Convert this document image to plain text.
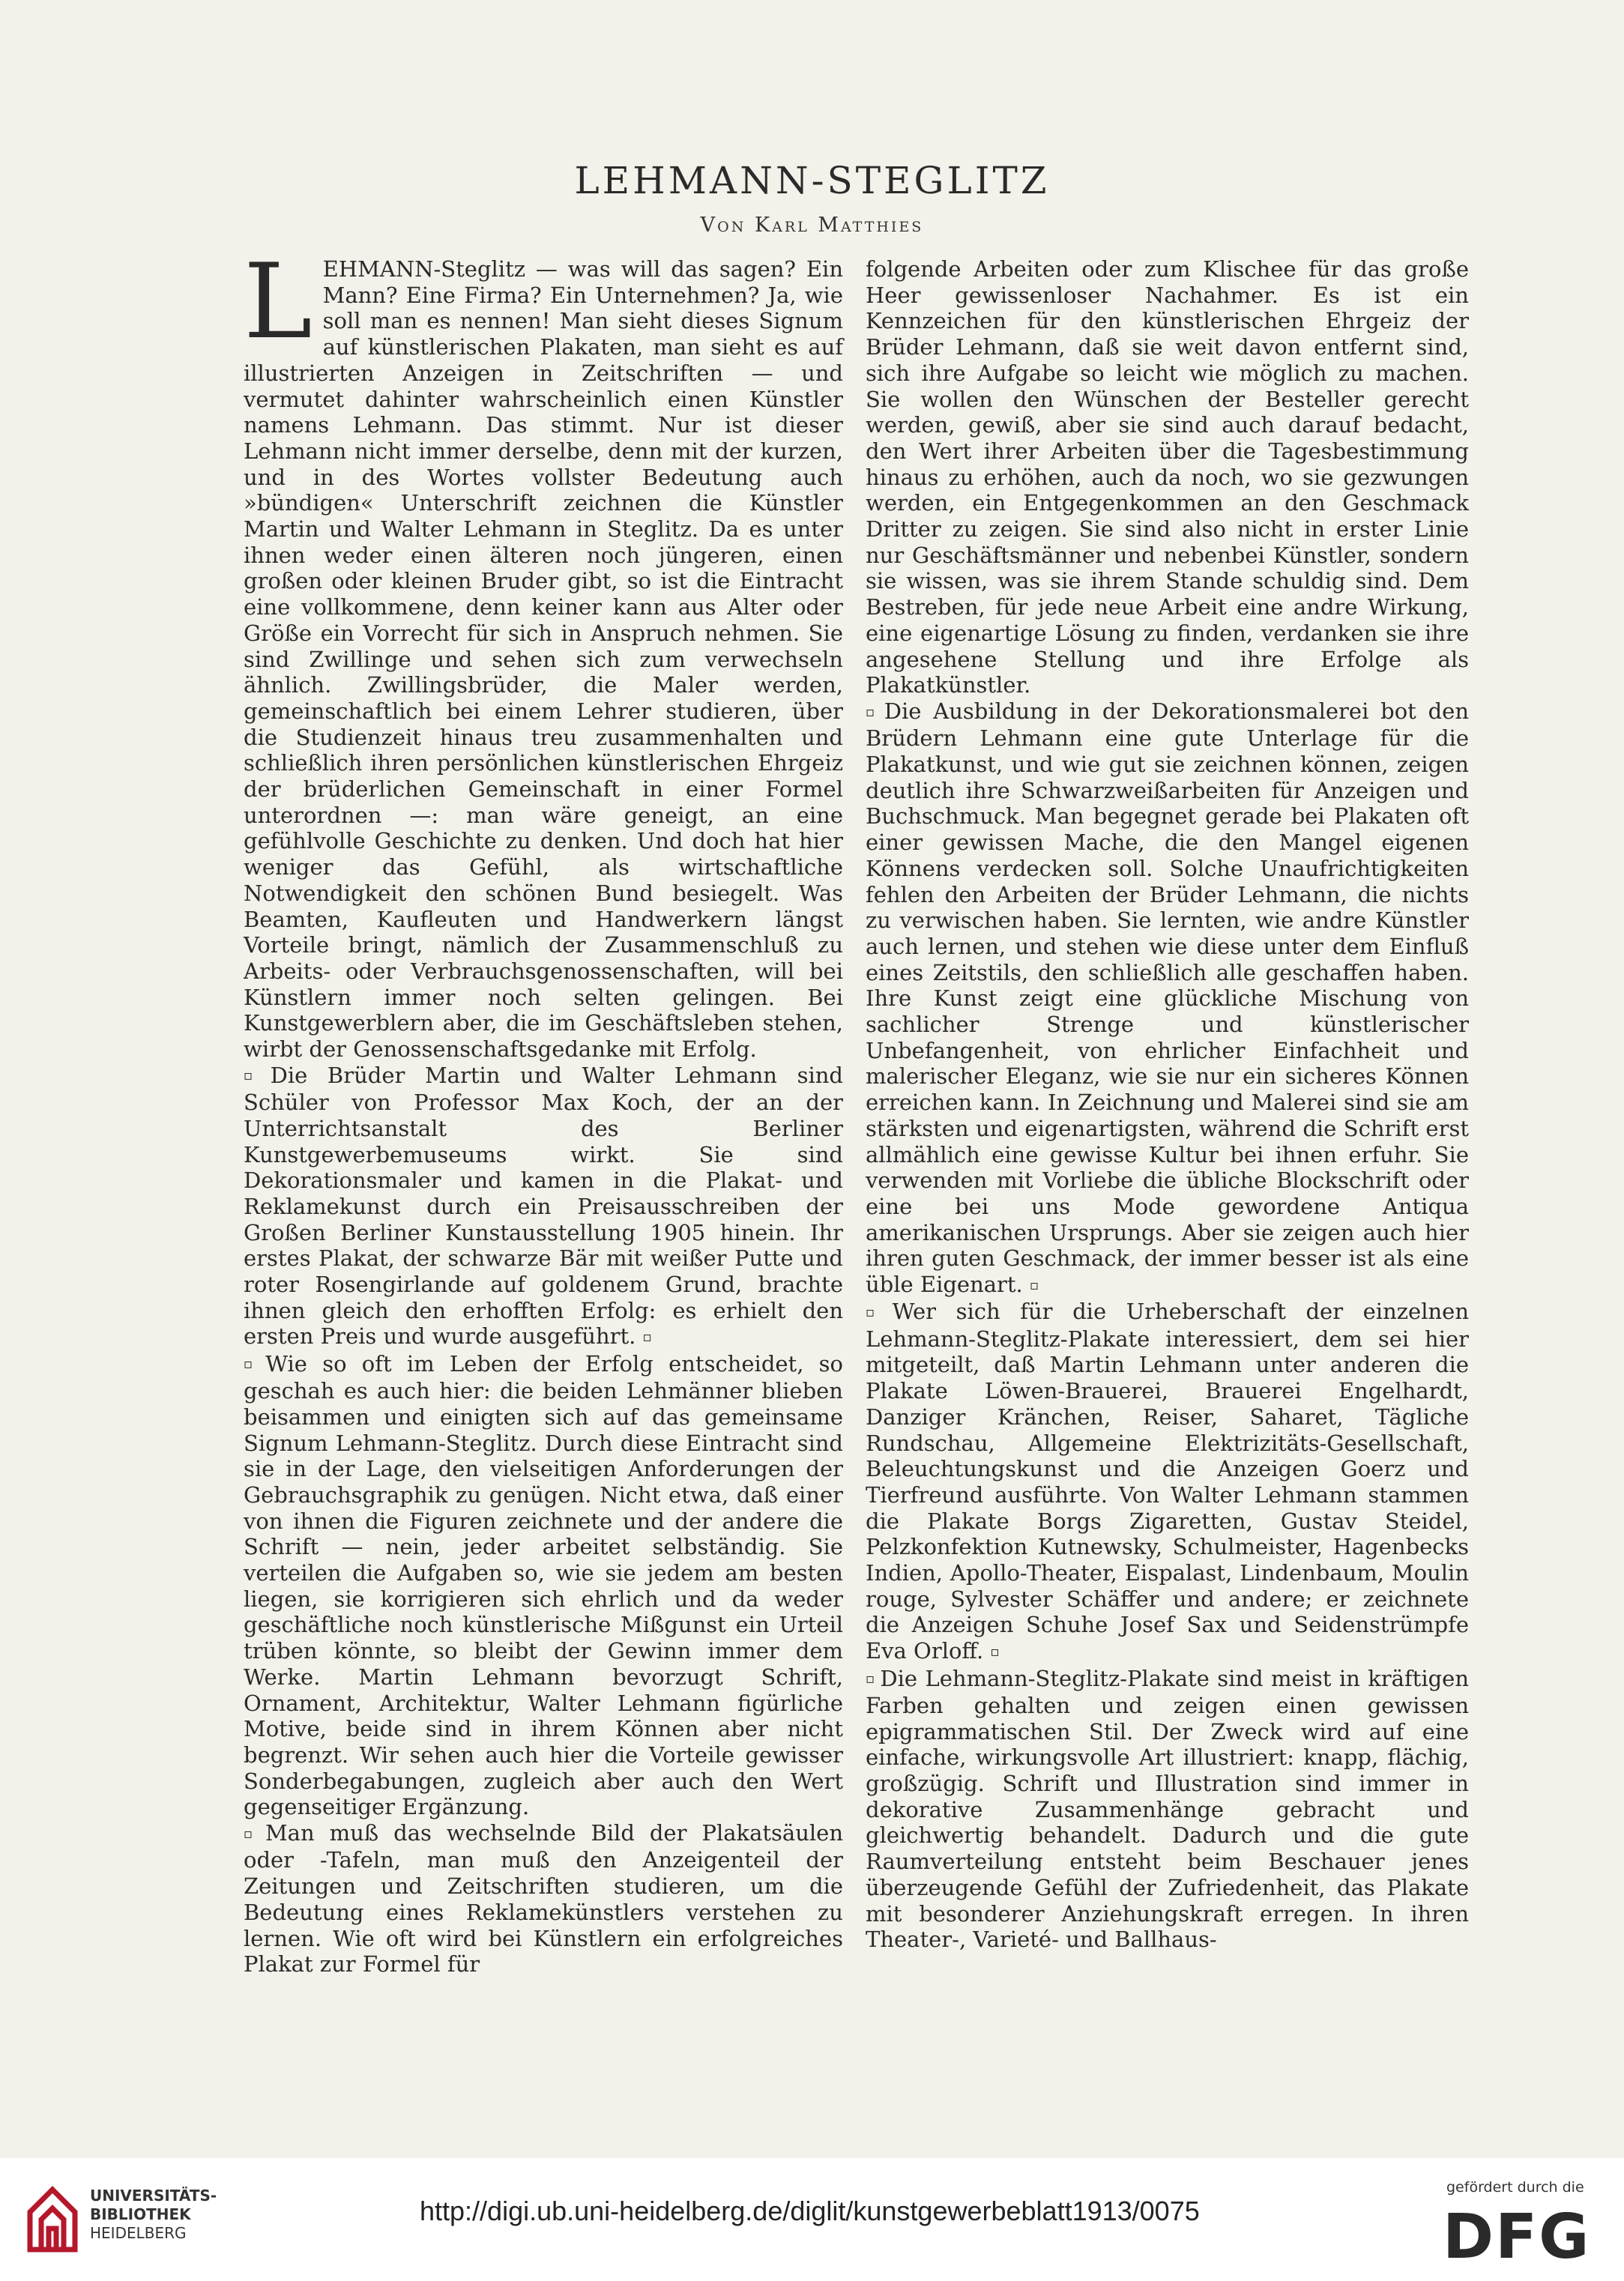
LEHMANN-STEGLITZ
Von Karl Matthies

LEHMANN-Steglitz — was will das sagen? Ein Mann? Eine Firma? Ein Unternehmen? Ja, wie soll man es nennen! Man sieht dieses Signum auf künstlerischen Plakaten, man sieht es auf illustrierten Anzeigen in Zeitschriften — und vermutet dahinter wahrscheinlich einen Künstler namens Lehmann. Das stimmt. Nur ist dieser Lehmann nicht immer derselbe, denn mit der kurzen, und in des Wortes vollster Bedeutung auch »bündigen« Unterschrift zeichnen die Künstler Martin und Walter Lehmann in Steglitz. Da es unter ihnen weder einen älteren noch jüngeren, einen großen oder kleinen Bruder gibt, so ist die Eintracht eine vollkommene, denn keiner kann aus Alter oder Größe ein Vorrecht für sich in Anspruch nehmen. Sie sind Zwillinge und sehen sich zum verwechseln ähnlich. Zwillingsbrüder, die Maler werden, gemeinschaftlich bei einem Lehrer studieren, über die Studienzeit hinaus treu zusammenhalten und schließlich ihren persönlichen künstlerischen Ehrgeiz der brüderlichen Gemeinschaft in einer Formel unterordnen —: man wäre geneigt, an eine gefühlvolle Geschichte zu denken. Und doch hat hier weniger das Gefühl, als wirtschaftliche Notwendigkeit den schönen Bund besiegelt. Was Beamten, Kaufleuten und Handwerkern längst Vorteile bringt, nämlich der Zusammenschluß zu Arbeits- oder Verbrauchsgenossenschaften, will bei Künstlern immer noch selten gelingen. Bei Kunstgewerblern aber, die im Geschäftsleben stehen, wirbt der Genossenschaftsgedanke mit Erfolg.

▫ Die Brüder Martin und Walter Lehmann sind Schüler von Professor Max Koch, der an der Unterrichtsanstalt des Berliner Kunstgewerbemuseums wirkt. Sie sind Dekorationsmaler und kamen in die Plakat- und Reklamekunst durch ein Preisausschreiben der Großen Berliner Kunstausstellung 1905 hinein. Ihr erstes Plakat, der schwarze Bär mit weißer Putte und roter Rosengirlande auf goldenem Grund, brachte ihnen gleich den erhofften Erfolg: es erhielt den ersten Preis und wurde ausgeführt. ▫

▫ Wie so oft im Leben der Erfolg entscheidet, so geschah es auch hier: die beiden Lehmänner blieben beisammen und einigten sich auf das gemeinsame Signum Lehmann-Steglitz. Durch diese Eintracht sind sie in der Lage, den vielseitigen Anforderungen der Gebrauchsgraphik zu genügen. Nicht etwa, daß einer von ihnen die Figuren zeichnete und der andere die Schrift — nein, jeder arbeitet selbständig. Sie verteilen die Aufgaben so, wie sie jedem am besten liegen, sie korrigieren sich ehrlich und da weder geschäftliche noch künstlerische Mißgunst ein Urteil trüben könnte, so bleibt der Gewinn immer dem Werke. Martin Lehmann bevorzugt Schrift, Ornament, Architektur, Walter Lehmann figürliche Motive, beide sind in ihrem Können aber nicht begrenzt. Wir sehen auch hier die Vorteile gewisser Sonderbegabungen, zugleich aber auch den Wert gegenseitiger Ergänzung.

▫ Man muß das wechselnde Bild der Plakatsäulen oder -Tafeln, man muß den Anzeigenteil der Zeitungen und Zeitschriften studieren, um die Bedeutung eines Reklamekünstlers verstehen zu lernen. Wie oft wird bei Künstlern ein erfolgreiches Plakat zur Formel für

folgende Arbeiten oder zum Klischee für das große Heer gewissenloser Nachahmer. Es ist ein Kennzeichen für den künstlerischen Ehrgeiz der Brüder Lehmann, daß sie weit davon entfernt sind, sich ihre Aufgabe so leicht wie möglich zu machen. Sie wollen den Wünschen der Besteller gerecht werden, gewiß, aber sie sind auch darauf bedacht, den Wert ihrer Arbeiten über die Tagesbestimmung hinaus zu erhöhen, auch da noch, wo sie gezwungen werden, ein Entgegenkommen an den Geschmack Dritter zu zeigen. Sie sind also nicht in erster Linie nur Geschäftsmänner und nebenbei Künstler, sondern sie wissen, was sie ihrem Stande schuldig sind. Dem Bestreben, für jede neue Arbeit eine andre Wirkung, eine eigenartige Lösung zu finden, verdanken sie ihre angesehene Stellung und ihre Erfolge als Plakatkünstler.

▫ Die Ausbildung in der Dekorationsmalerei bot den Brüdern Lehmann eine gute Unterlage für die Plakatkunst, und wie gut sie zeichnen können, zeigen deutlich ihre Schwarzweißarbeiten für Anzeigen und Buchschmuck. Man begegnet gerade bei Plakaten oft einer gewissen Mache, die den Mangel eigenen Könnens verdecken soll. Solche Unaufrichtigkeiten fehlen den Arbeiten der Brüder Lehmann, die nichts zu verwischen haben. Sie lernten, wie andre Künstler auch lernen, und stehen wie diese unter dem Einfluß eines Zeitstils, den schließlich alle geschaffen haben. Ihre Kunst zeigt eine glückliche Mischung von sachlicher Strenge und künstlerischer Unbefangenheit, von ehrlicher Einfachheit und malerischer Eleganz, wie sie nur ein sicheres Können erreichen kann. In Zeichnung und Malerei sind sie am stärksten und eigenartigsten, während die Schrift erst allmählich eine gewisse Kultur bei ihnen erfuhr. Sie verwenden mit Vorliebe die übliche Blockschrift oder eine bei uns Mode gewordene Antiqua amerikanischen Ursprungs. Aber sie zeigen auch hier ihren guten Geschmack, der immer besser ist als eine üble Eigenart. ▫

▫ Wer sich für die Urheberschaft der einzelnen Lehmann-Steglitz-Plakate interessiert, dem sei hier mitgeteilt, daß Martin Lehmann unter anderen die Plakate Löwen-Brauerei, Brauerei Engelhardt, Danziger Kränchen, Reiser, Saharet, Tägliche Rundschau, Allgemeine Elektrizitäts-Gesellschaft, Beleuchtungskunst und die Anzeigen Goerz und Tierfreund ausführte. Von Walter Lehmann stammen die Plakate Borgs Zigaretten, Gustav Steidel, Pelzkonfektion Kutnewsky, Schulmeister, Hagenbecks Indien, Apollo-Theater, Eispalast, Lindenbaum, Moulin rouge, Sylvester Schäffer und andere; er zeichnete die Anzeigen Schuhe Josef Sax und Seidenstrümpfe Eva Orloff. ▫

▫ Die Lehmann-Steglitz-Plakate sind meist in kräftigen Farben gehalten und zeigen einen gewissen epigrammatischen Stil. Der Zweck wird auf eine einfache, wirkungsvolle Art illustriert: knapp, flächig, großzügig. Schrift und Illustration sind immer in dekorative Zusammenhänge gebracht und gleichwertig behandelt. Dadurch und die gute Raumverteilung entsteht beim Beschauer jenes überzeugende Gefühl der Zufriedenheit, das Plakate mit besonderer Anziehungskraft erregen. In ihren Theater-, Varieté- und Ballhaus-

UNIVERSITÄTS-
BIBLIOTHEK
HEIDELBERG
http://digi.ub.uni-heidelberg.de/diglit/kunstgewerbeblatt1913/0075
gefördert durch die
DFG
